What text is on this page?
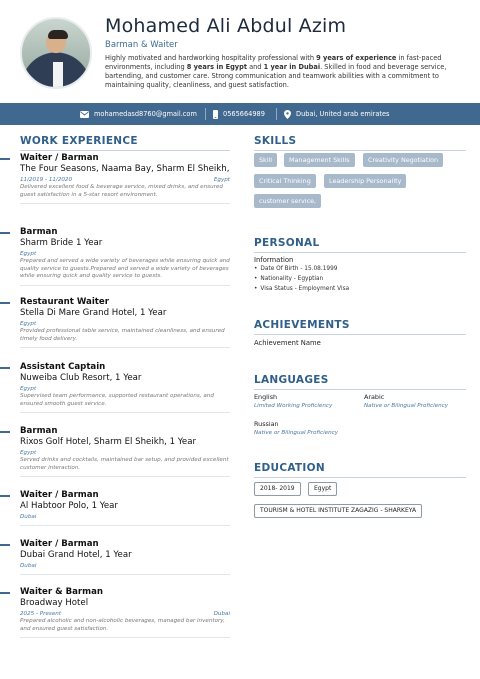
Mohamed Ali Abdul Azim
Barman & Waiter
Highly motivated and hardworking hospitality professional with 9 years of experience in fast-paced environments, including 8 years in Egypt and 1 year in Dubai. Skilled in food and beverage service, bartending, and customer care. Strong communication and teamwork abilities with a commitment to maintaining quality, cleanliness, and guest satisfaction.
mohamedasd8760@gmail.com	0565664989	Dubai, United arab emirates
WORK EXPERIENCE
Waiter / Barman
The Four Seasons, Naama Bay, Sharm El Sheikh,
11/2019 - 11/2020	Egypt
Delivered excellent food & beverage service, mixed drinks, and ensured guest satisfaction in a 5-star resort environment.
Barman
Sharm Bride 1 Year
Egypt
Prepared and served a wide variety of beverages while ensuring quick and quality service to guests.Prepared and served a wide variety of beverages while ensuring quick and quality service to guests.
Restaurant Waiter
Stella Di Mare Grand Hotel, 1 Year
Egypt
Provided professional table service, maintained cleanliness, and ensured timely food delivery.
Assistant Captain
Nuweiba Club Resort, 1 Year
Egypt
Supervised team performance, supported restaurant operations, and ensured smooth guest service.
Barman
Rixos Golf Hotel, Sharm El Sheikh, 1 Year
Egypt
Served drinks and cocktails, maintained bar setup, and provided excellent customer interaction.
Waiter / Barman
Al Habtoor Polo, 1 Year
Dubai
Waiter / Barman
Dubai Grand Hotel, 1 Year
Dubai
Waiter & Barman
Broadway Hotel
2025 - Present	Dubai
Prepared alcoholic and non-alcoholic beverages, managed bar inventory, and ensured guest satisfaction.
SKILLS
Skill	Management Skills	Creativity Negotiation
Critical Thinking	Leadership Personality
customer service,
PERSONAL
Information
• Date Of Birth - 15.08.1999
• Nationality - Egyptian
• Visa Status - Employment Visa
ACHIEVEMENTS
Achievement Name
LANGUAGES
English
Limited Working Proficiency
Arabic
Native or Bilingual Proficiency
Russian
Native or Bilingual Proficiency
EDUCATION
2018- 2019	Egypt
TOURISM & HOTEL INSTITUTE ZAGAZIG - SHARKEYA
